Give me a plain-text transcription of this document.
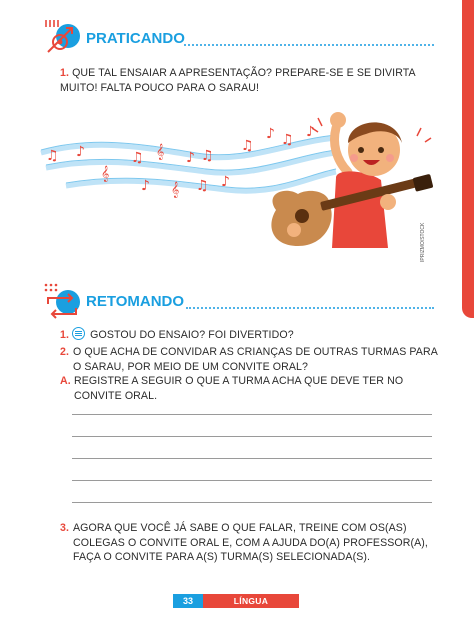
PRATICANDO
1. QUE TAL ENSAIAR A APRESENTAÇÃO? PREPARE-SE E SE DIVIRTA MUITO! FALTA POUCO PARA O SARAU!
♫ ♪
𝄞
♫ 𝄞 ♪ ♫
♪
♫
♪ ♫ ♪
♪ 𝄞 ♫
IPRIZMO/STOCK
RETOMANDO
1. GOSTOU DO ENSAIO? FOI DIVERTIDO?
2. O QUE ACHA DE CONVIDAR AS CRIANÇAS DE OUTRAS TURMAS PARA O SARAU, POR MEIO DE UM CONVITE ORAL?
A. REGISTRE A SEGUIR O QUE A TURMA ACHA QUE DEVE TER NO CONVITE ORAL.
3. AGORA QUE VOCÊ JÁ SABE O QUE FALAR, TREINE COM OS(AS) COLEGAS O CONVITE ORAL E, COM A AJUDA DO(A) PROFESSOR(A), FAÇA O CONVITE PARA A(S) TURMA(S) SELECIONADA(S).
33	LÍNGUA PORTUGUESA
